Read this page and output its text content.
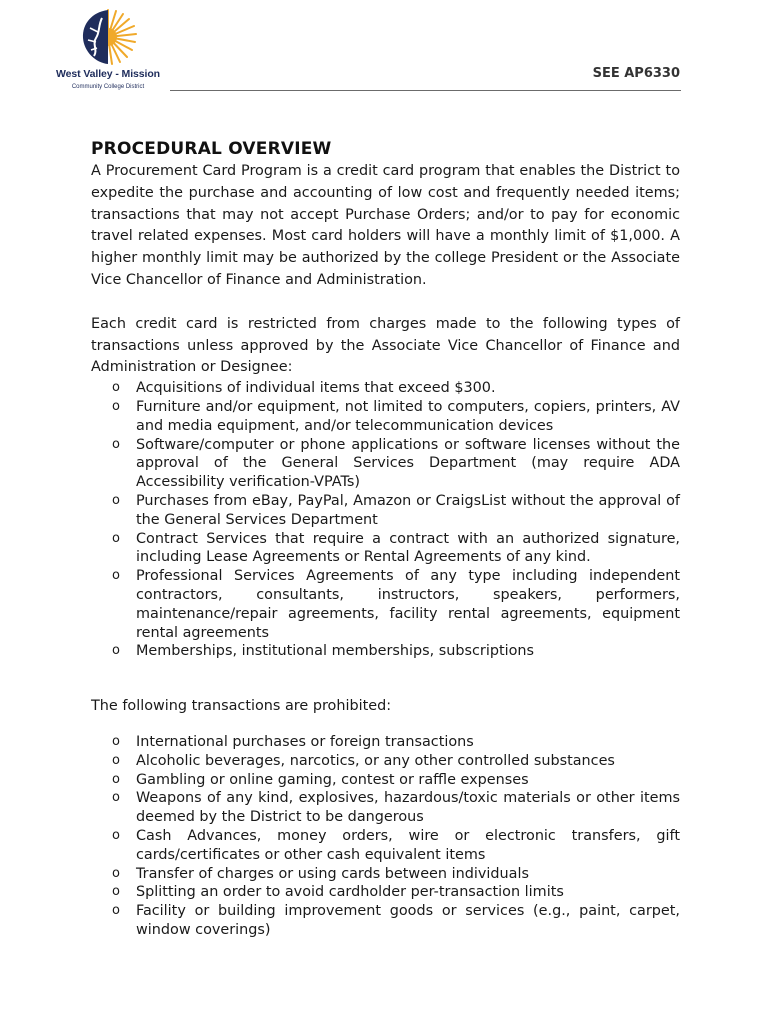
West Valley - Mission
Community College District
SEE AP6330
PROCEDURAL OVERVIEW

A Procurement Card Program is a credit card program that enables the District to expedite the purchase and accounting of low cost and frequently needed items; transactions that may not accept Purchase Orders; and/or to pay for economic travel related expenses. Most card holders will have a monthly limit of $1,000. A higher monthly limit may be authorized by the college President or the Associate Vice Chancellor of Finance and Administration.

Each credit card is restricted from charges made to the following types of transactions unless approved by the Associate Vice Chancellor of Finance and Administration or Designee:

o Acquisitions of individual items that exceed $300.
o Furniture and/or equipment, not limited to computers, copiers, printers, AV and media equipment, and/or telecommunication devices
o Software/computer or phone applications or software licenses without the approval of the General Services Department (may require ADA Accessibility verification-VPATs)
o Purchases from eBay, PayPal, Amazon or CraigsList without the approval of the General Services Department
o Contract Services that require a contract with an authorized signature, including Lease Agreements or Rental Agreements of any kind.
o Professional Services Agreements of any type including independent contractors, consultants, instructors, speakers, performers, maintenance/repair agreements, facility rental agreements, equipment rental agreements
o Memberships, institutional memberships, subscriptions

The following transactions are prohibited:

o International purchases or foreign transactions
o Alcoholic beverages, narcotics, or any other controlled substances
o Gambling or online gaming, contest or raffle expenses
o Weapons of any kind, explosives, hazardous/toxic materials or other items deemed by the District to be dangerous
o Cash Advances, money orders, wire or electronic transfers, gift cards/certificates or other cash equivalent items
o Transfer of charges or using cards between individuals
o Splitting an order to avoid cardholder per-transaction limits
o Facility or building improvement goods or services (e.g., paint, carpet, window coverings)
